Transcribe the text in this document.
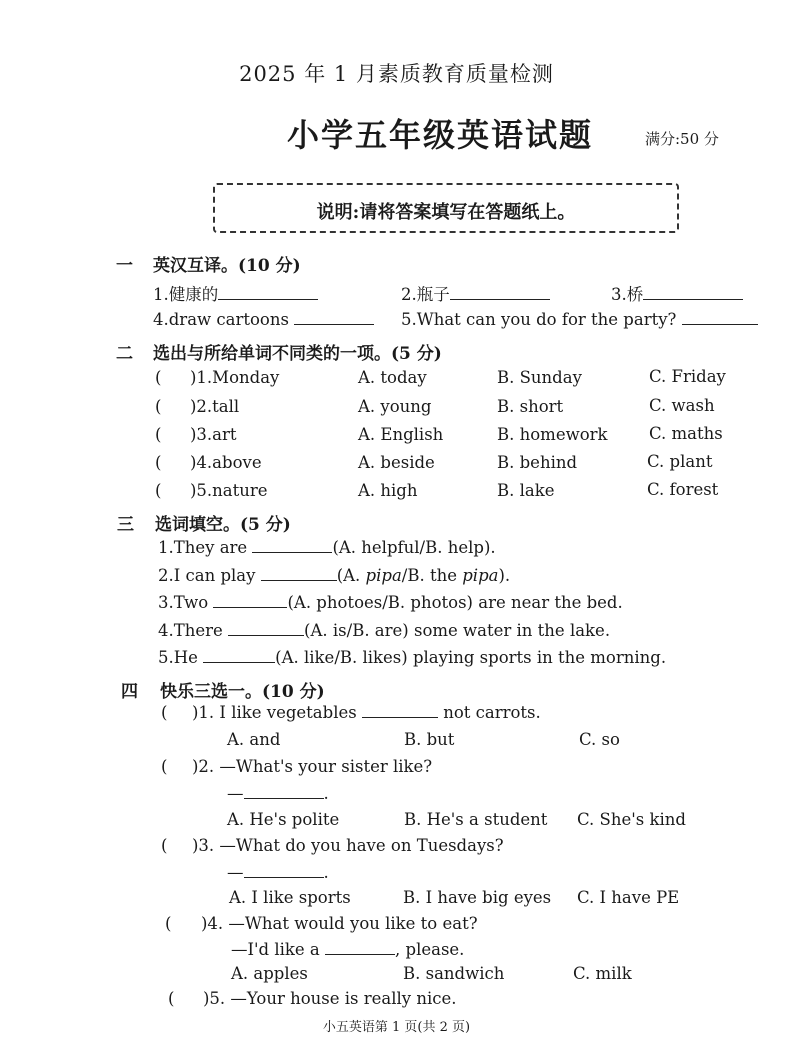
2025 年 1 月素质教育质量检测
小学五年级英语试题	满分:50 分
说明:请将答案填写在答题纸上。
一 英汉互译。(10 分)
1.健康的	2.瓶子	3.桥
4.draw cartoons	5.What can you do for the party?
二 选出与所给单词不同类的一项。(5 分)
( )1.Monday	A. today	B. Sunday	C. Friday
( )2.tall	A. young	B. short	C. wash
( )3.art	A. English	B. homework	C. maths
( )4.above	A. beside	B. behind	C. plant
( )5.nature	A. high	B. lake	C. forest
三 选词填空。(5 分)
1.They are	(A. helpful/B. help).
2.I can play	(A. pipa/B. the pipa).
3.Two	(A. photoes/B. photos) are near the bed.
4.There	(A. is/B. are) some water in the lake.
5.He	(A. like/B. likes) playing sports in the morning.
四 快乐三选一。(10 分)
( )1. I like vegetables	not carrots.
A. and	B. but	C. so
( )2. —What's your sister like?
—	.
A. He's polite	B. He's a student C. She's kind
( )3. —What do you have on Tuesdays?
—	.
A. I like sports	B. I have big eyes C. I have PE
( )4. —What would you like to eat?
—I'd like a	, please.
A. apples	B. sandwich	C. milk
( )5. —Your house is really nice.
小五英语第 1 页(共 2 页)
